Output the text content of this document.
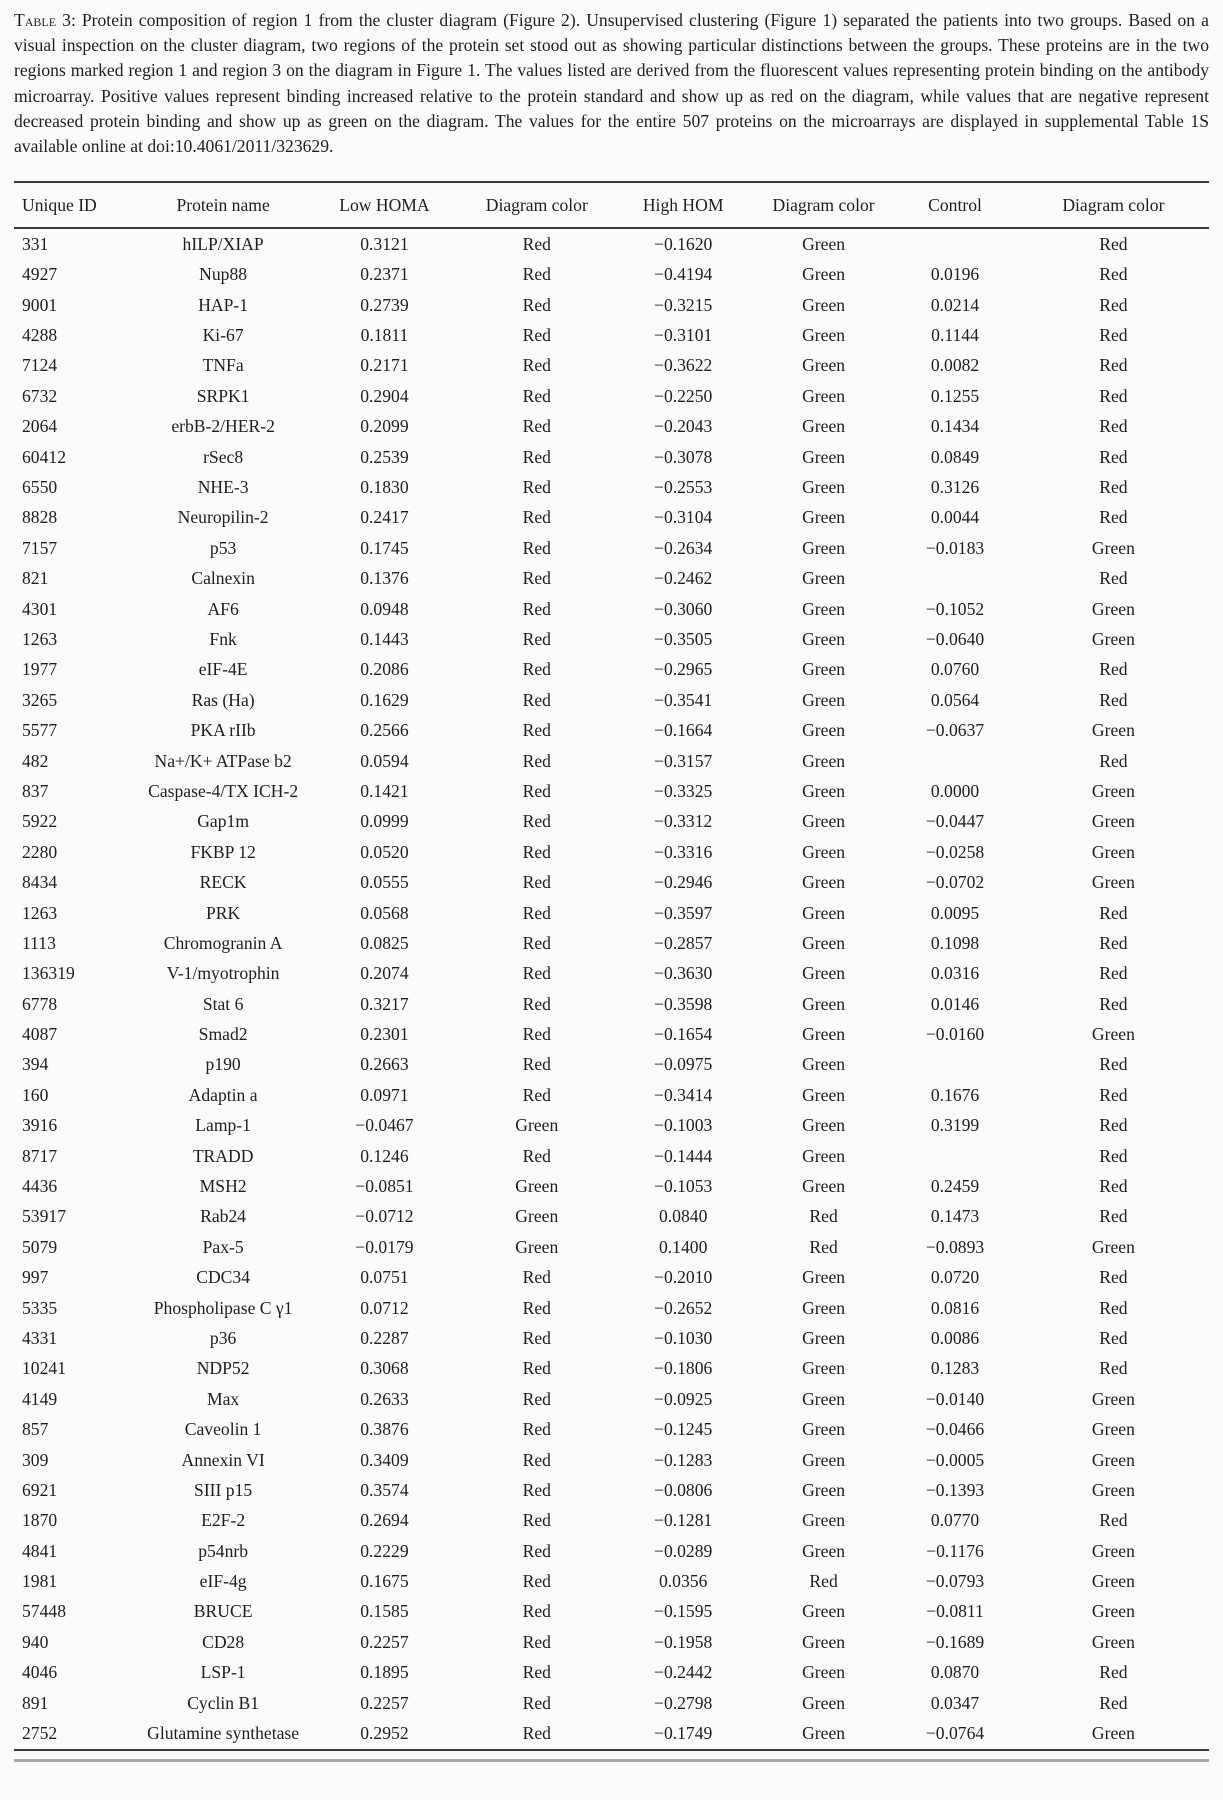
Table 3: Protein composition of region 1 from the cluster diagram (Figure 2). Unsupervised clustering (Figure 1) separated the patients into two groups. Based on a visual inspection on the cluster diagram, two regions of the protein set stood out as showing particular distinctions between the groups. These proteins are in the two regions marked region 1 and region 3 on the diagram in Figure 1. The values listed are derived from the fluorescent values representing protein binding on the antibody microarray. Positive values represent binding increased relative to the protein standard and show up as red on the diagram, while values that are negative represent decreased protein binding and show up as green on the diagram. The values for the entire 507 proteins on the microarrays are displayed in supplemental Table 1S available online at doi:10.4061/2011/323629.

Unique ID	Protein name	Low HOMA	Diagram color	High HOM	Diagram color	Control	Diagram color
331	hILP/XIAP	0.3121	Red	−0.1620	Green		Red
4927	Nup88	0.2371	Red	−0.4194	Green	0.0196	Red
9001	HAP-1	0.2739	Red	−0.3215	Green	0.0214	Red
4288	Ki-67	0.1811	Red	−0.3101	Green	0.1144	Red
7124	TNFa	0.2171	Red	−0.3622	Green	0.0082	Red
6732	SRPK1	0.2904	Red	−0.2250	Green	0.1255	Red
2064	erbB-2/HER-2	0.2099	Red	−0.2043	Green	0.1434	Red
60412	rSec8	0.2539	Red	−0.3078	Green	0.0849	Red
6550	NHE-3	0.1830	Red	−0.2553	Green	0.3126	Red
8828	Neuropilin-2	0.2417	Red	−0.3104	Green	0.0044	Red
7157	p53	0.1745	Red	−0.2634	Green	−0.0183	Green
821	Calnexin	0.1376	Red	−0.2462	Green		Red
4301	AF6	0.0948	Red	−0.3060	Green	−0.1052	Green
1263	Fnk	0.1443	Red	−0.3505	Green	−0.0640	Green
1977	eIF-4E	0.2086	Red	−0.2965	Green	0.0760	Red
3265	Ras (Ha)	0.1629	Red	−0.3541	Green	0.0564	Red
5577	PKA rIIb	0.2566	Red	−0.1664	Green	−0.0637	Green
482	Na+/K+ ATPase b2	0.0594	Red	−0.3157	Green		Red
837	Caspase-4/TX ICH-2	0.1421	Red	−0.3325	Green	0.0000	Green
5922	Gap1m	0.0999	Red	−0.3312	Green	−0.0447	Green
2280	FKBP 12	0.0520	Red	−0.3316	Green	−0.0258	Green
8434	RECK	0.0555	Red	−0.2946	Green	−0.0702	Green
1263	PRK	0.0568	Red	−0.3597	Green	0.0095	Red
1113	Chromogranin A	0.0825	Red	−0.2857	Green	0.1098	Red
136319	V-1/myotrophin	0.2074	Red	−0.3630	Green	0.0316	Red
6778	Stat 6	0.3217	Red	−0.3598	Green	0.0146	Red
4087	Smad2	0.2301	Red	−0.1654	Green	−0.0160	Green
394	p190	0.2663	Red	−0.0975	Green		Red
160	Adaptin a	0.0971	Red	−0.3414	Green	0.1676	Red
3916	Lamp-1	−0.0467	Green	−0.1003	Green	0.3199	Red
8717	TRADD	0.1246	Red	−0.1444	Green		Red
4436	MSH2	−0.0851	Green	−0.1053	Green	0.2459	Red
53917	Rab24	−0.0712	Green	0.0840	Red	0.1473	Red
5079	Pax-5	−0.0179	Green	0.1400	Red	−0.0893	Green
997	CDC34	0.0751	Red	−0.2010	Green	0.0720	Red
5335	Phospholipase C γ1	0.0712	Red	−0.2652	Green	0.0816	Red
4331	p36	0.2287	Red	−0.1030	Green	0.0086	Red
10241	NDP52	0.3068	Red	−0.1806	Green	0.1283	Red
4149	Max	0.2633	Red	−0.0925	Green	−0.0140	Green
857	Caveolin 1	0.3876	Red	−0.1245	Green	−0.0466	Green
309	Annexin VI	0.3409	Red	−0.1283	Green	−0.0005	Green
6921	SIII p15	0.3574	Red	−0.0806	Green	−0.1393	Green
1870	E2F-2	0.2694	Red	−0.1281	Green	0.0770	Red
4841	p54nrb	0.2229	Red	−0.0289	Green	−0.1176	Green
1981	eIF-4g	0.1675	Red	0.0356	Red	−0.0793	Green
57448	BRUCE	0.1585	Red	−0.1595	Green	−0.0811	Green
940	CD28	0.2257	Red	−0.1958	Green	−0.1689	Green
4046	LSP-1	0.1895	Red	−0.2442	Green	0.0870	Red
891	Cyclin B1	0.2257	Red	−0.2798	Green	0.0347	Red
2752	Glutamine synthetase	0.2952	Red	−0.1749	Green	−0.0764	Green
